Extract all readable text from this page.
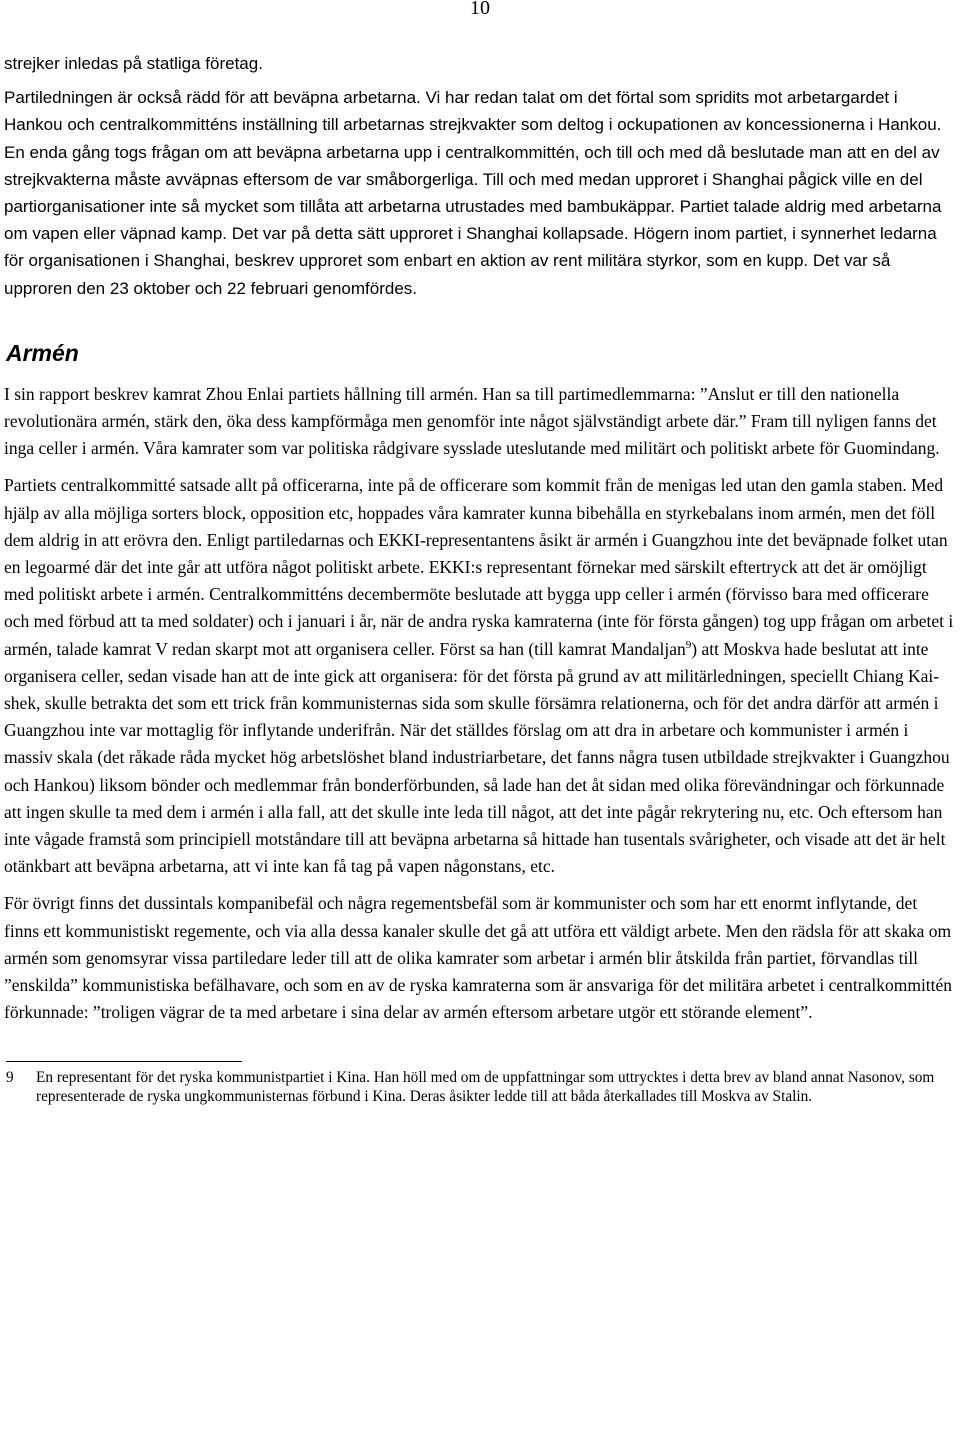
10

strejker inledas på statliga företag.

Partiledningen är också rädd för att beväpna arbetarna. Vi har redan talat om det förtal som spridits mot arbetargardet i Hankou och centralkommitténs inställning till arbetarnas strejkvakter som deltog i ockupationen av koncessionerna i Hankou. En enda gång togs frågan om att beväpna arbetarna upp i centralkommittén, och till och med då beslutade man att en del av strejkvakterna måste avväpnas eftersom de var småborgerliga. Till och med medan upproret i Shanghai pågick ville en del partiorganisationer inte så mycket som tillåta att arbetarna utrustades med bambukäppar. Partiet talade aldrig med arbetarna om vapen eller väpnad kamp. Det var på detta sätt upproret i Shanghai kollapsade. Högern inom partiet, i synnerhet ledarna för organisationen i Shanghai, beskrev upproret som enbart en aktion av rent militära styrkor, som en kupp. Det var så upproren den 23 oktober och 22 februari genomfördes.

Armén

I sin rapport beskrev kamrat Zhou Enlai partiets hållning till armén. Han sa till partimedlemmarna: ”Anslut er till den nationella revolutionära armén, stärk den, öka dess kampförmåga men genomför inte något självständigt arbete där.” Fram till nyligen fanns det inga celler i armén. Våra kamrater som var politiska rådgivare sysslade uteslutande med militärt och politiskt arbete för Guomindang.

Partiets centralkommitté satsade allt på officerarna, inte på de officerare som kommit från de menigas led utan den gamla staben. Med hjälp av alla möjliga sorters block, opposition etc, hoppades våra kamrater kunna bibehålla en styrkebalans inom armén, men det föll dem aldrig in att erövra den. Enligt partiledarnas och EKKI-representantens åsikt är armén i Guangzhou inte det beväpnade folket utan en legoarmé där det inte går att utföra något politiskt arbete. EKKI:s representant förnekar med särskilt eftertryck att det är omöjligt med politiskt arbete i armén. Centralkommitténs decembermöte beslutade att bygga upp celler i armén (förvisso bara med officerare och med förbud att ta med soldater) och i januari i år, när de andra ryska kamraterna (inte för första gången) tog upp frågan om arbetet i armén, talade kamrat V redan skarpt mot att organisera celler. Först sa han (till kamrat Mandaljan$^9$) att Moskva hade beslutat att inte organisera celler, sedan visade han att de inte gick att organisera: för det första på grund av att militärledningen, speciellt Chiang Kai-shek, skulle betrakta det som ett trick från kommunisternas sida som skulle försämra relationerna, och för det andra därför att armén i Guangzhou inte var mottaglig för inflytande underifrån. När det ställdes förslag om att dra in arbetare och kommunister i armén i massiv skala (det råkade råda mycket hög arbetslöshet bland industriarbetare, det fanns några tusen utbildade strejkvakter i Guangzhou och Hankou) liksom bönder och medlemmar från bonderförbunden, så lade han det åt sidan med olika förevändningar och förkunnade att ingen skulle ta med dem i armén i alla fall, att det skulle inte leda till något, att det inte pågår rekrytering nu, etc. Och eftersom han inte vågade framstå som principiell motståndare till att beväpna arbetarna så hittade han tusentals svårigheter, och visade att det är helt otänkbart att beväpna arbetarna, att vi inte kan få tag på vapen någonstans, etc.

För övrigt finns det dussintals kompanibefäl och några regementsbefäl som är kommunister och som har ett enormt inflytande, det finns ett kommunistiskt regemente, och via alla dessa kanaler skulle det gå att utföra ett väldigt arbete. Men den rädsla för att skaka om armén som genomsyrar vissa partiledare leder till att de olika kamrater som arbetar i armén blir åtskilda från partiet, förvandlas till ”enskilda” kommunistiska befälhavare, och som en av de ryska kamraterna som är ansvariga för det militära arbetet i centralkommittén förkunnade: ”troligen vägrar de ta med arbetare i sina delar av armén eftersom arbetare utgör ett störande element”.

9	En representant för det ryska kommunistpartiet i Kina. Han höll med om de uppfattningar som uttrycktes i detta brev av bland annat Nasonov, som representerade de ryska ungkommunisternas förbund i Kina. Deras åsikter ledde till att båda återkallades till Moskva av Stalin.
